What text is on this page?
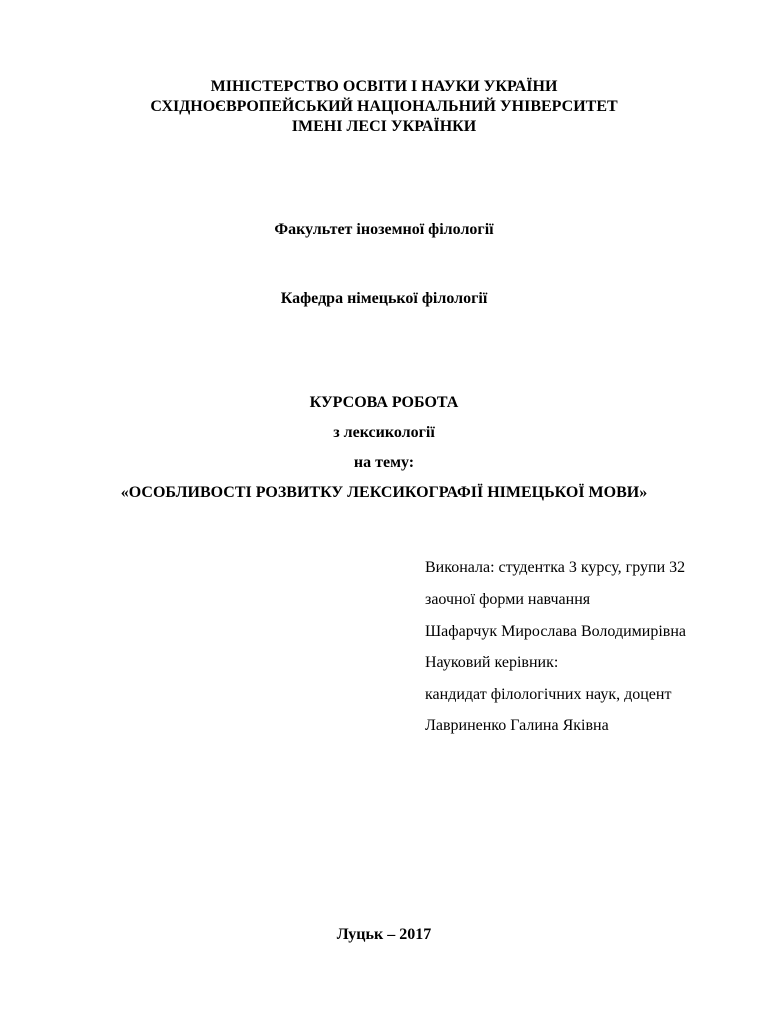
МІНІСТЕРСТВО ОСВІТИ І НАУКИ УКРАЇНИ
СХІДНОЄВРОПЕЙСЬКИЙ НАЦІОНАЛЬНИЙ УНІВЕРСИТЕТ
ІМЕНІ ЛЕСІ УКРАЇНКИ
Факультет іноземної філології
Кафедра німецької філології
КУРСОВА РОБОТА
з лексикології
на тему:
«ОСОБЛИВОСТІ РОЗВИТКУ ЛЕКСИКОГРАФІЇ НІМЕЦЬКОЇ МОВИ»
Виконала: студентка 3 курсу, групи 32
заочної форми навчання
Шафарчук Мирослава Володимирівна
Науковий керівник:
кандидат філологічних наук, доцент
Лавриненко Галина Яківна
Луцьк – 2017
